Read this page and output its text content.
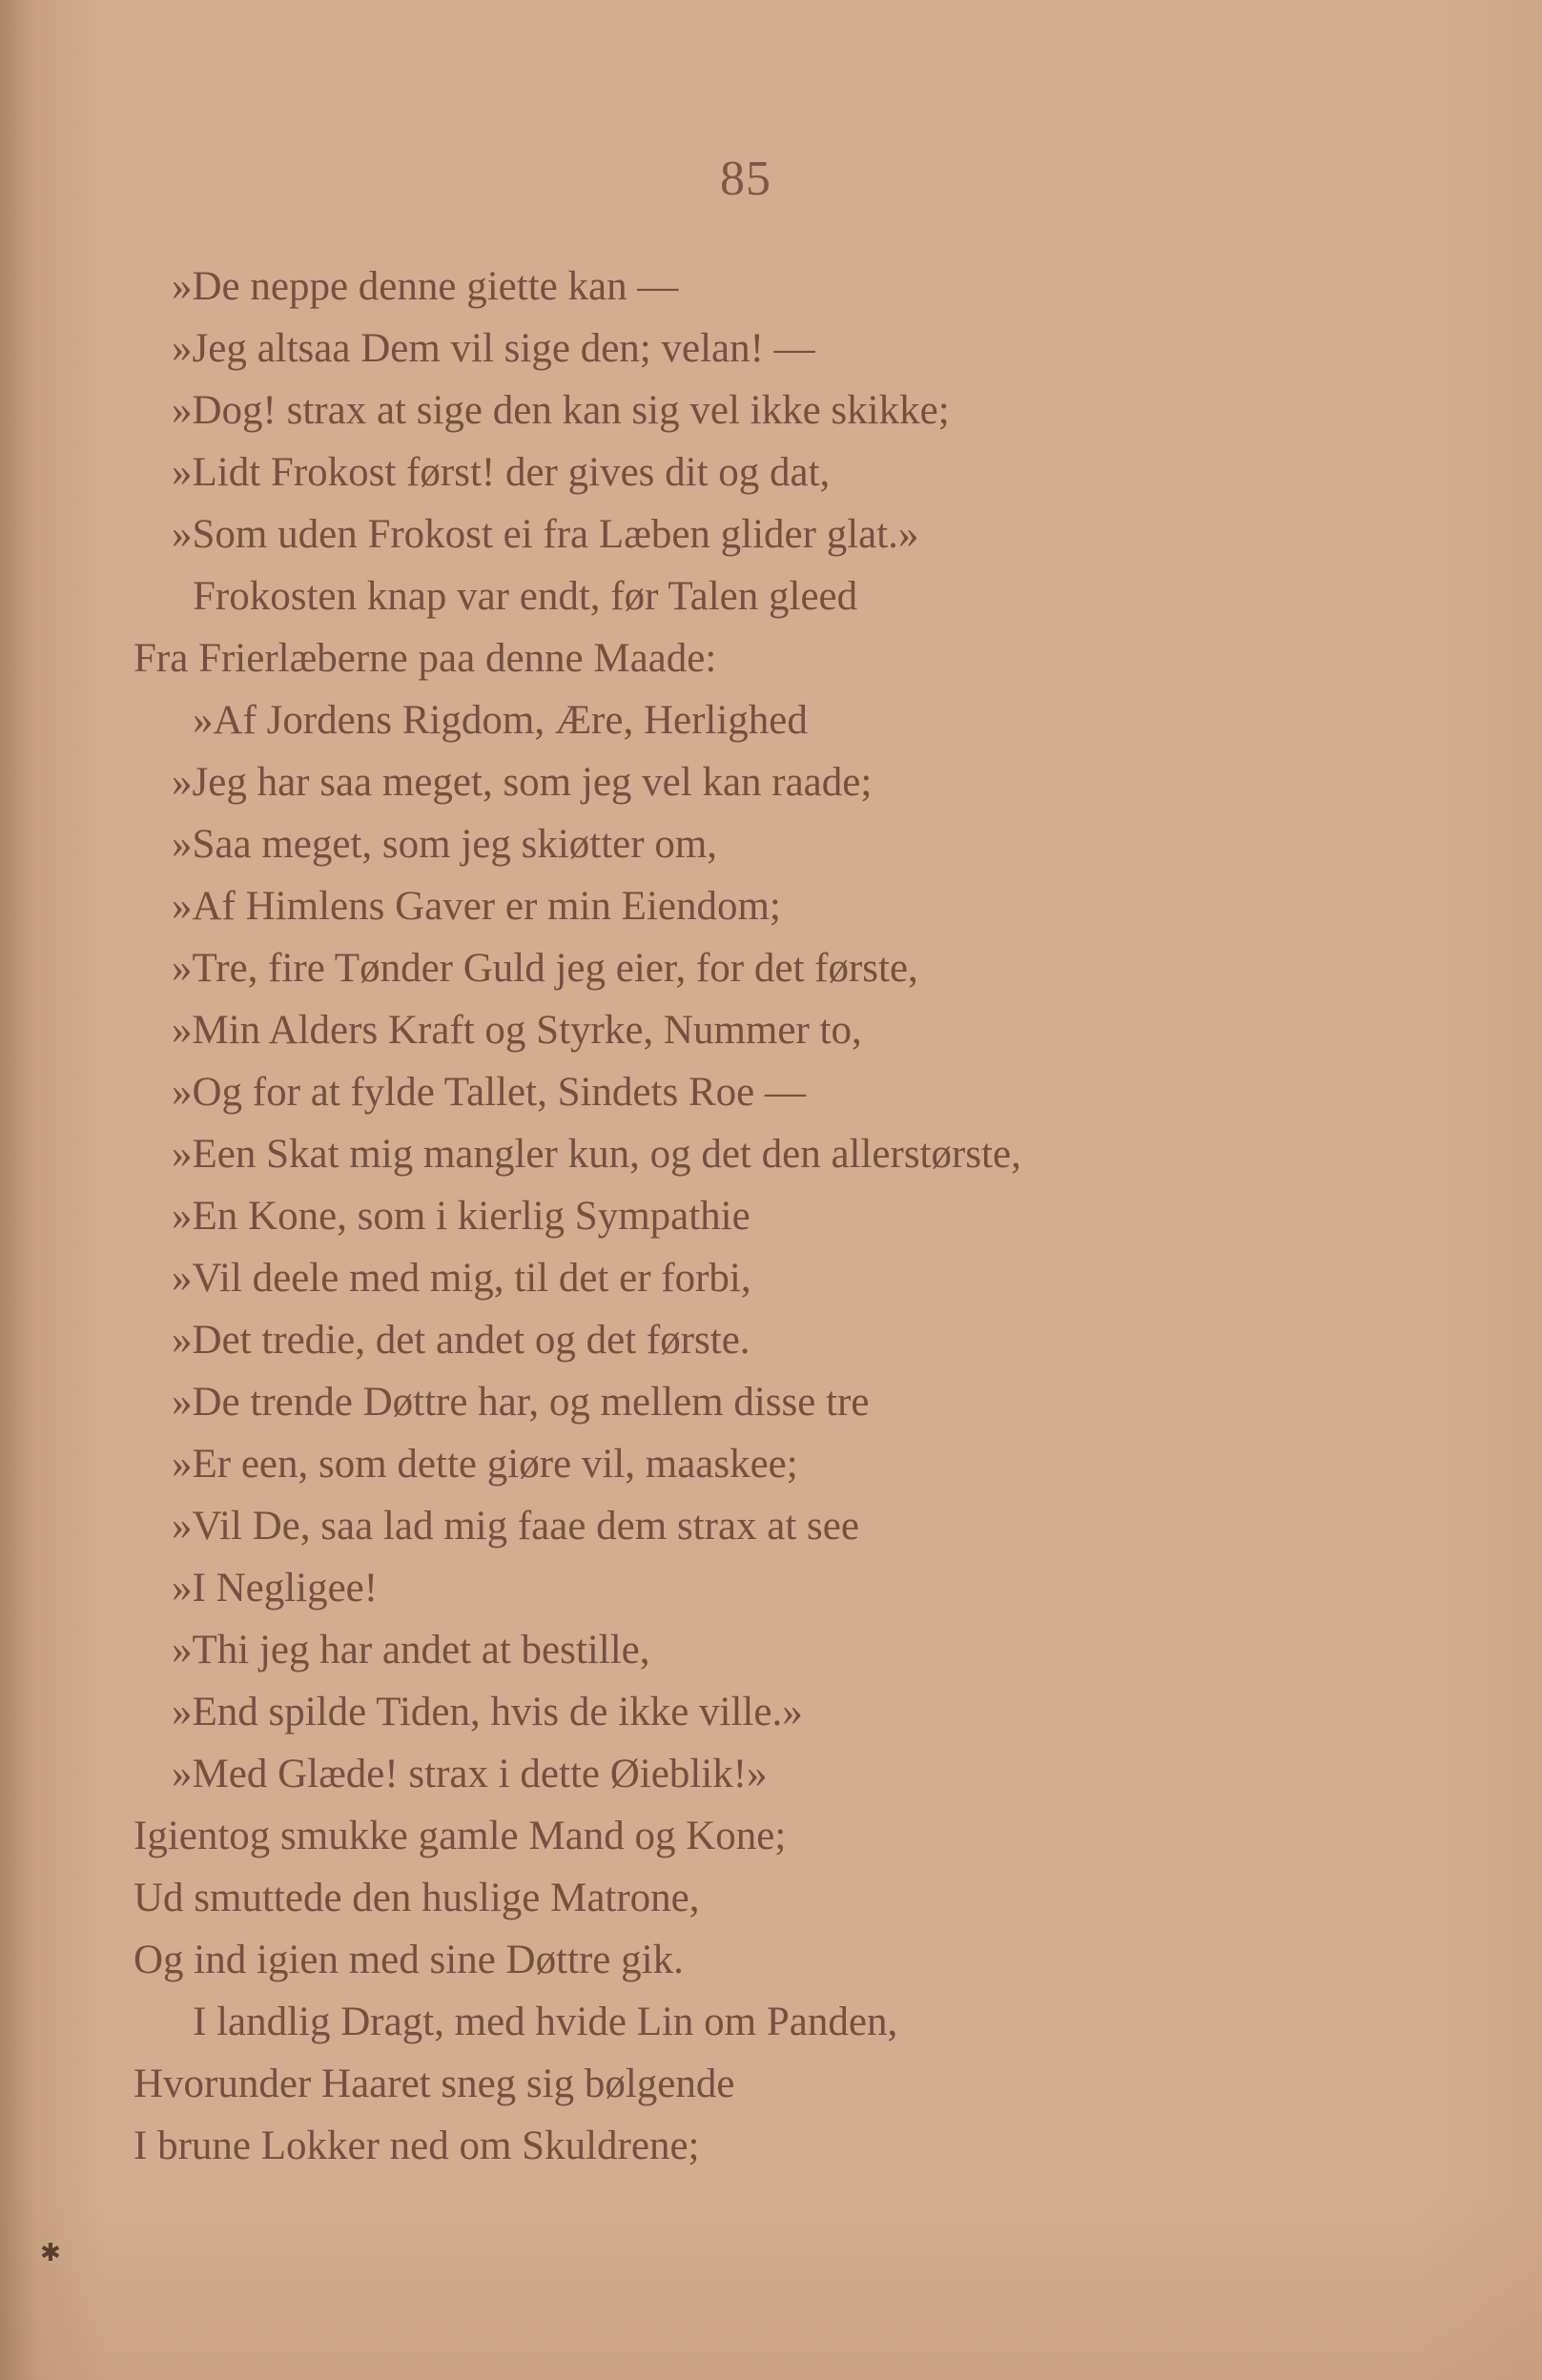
85
»De neppe denne giette kan —
»Jeg altsaa Dem vil sige den; velan! —
»Dog! strax at sige den kan sig vel ikke skikke;
»Lidt Frokost først! der gives dit og dat,
»Som uden Frokost ei fra Læben glider glat.»
Frokosten knap var endt, før Talen gleed
Fra Frierlæberne paa denne Maade:
»Af Jordens Rigdom, Ære, Herlighed
»Jeg har saa meget, som jeg vel kan raade;
»Saa meget, som jeg skiøtter om,
»Af Himlens Gaver er min Eiendom;
»Tre, fire Tønder Guld jeg eier, for det første,
»Min Alders Kraft og Styrke, Nummer to,
»Og for at fylde Tallet, Sindets Roe —
»Een Skat mig mangler kun, og det den allerstørste,
»En Kone, som i kierlig Sympathie
»Vil deele med mig, til det er forbi,
»Det tredie, det andet og det første.
»De trende Døttre har, og mellem disse tre
»Er een, som dette giøre vil, maaskee;
»Vil De, saa lad mig faae dem strax at see
»I Negligee!
»Thi jeg har andet at bestille,
»End spilde Tiden, hvis de ikke ville.»
»Med Glæde! strax i dette Øieblik!»
Igientog smukke gamle Mand og Kone;
Ud smuttede den huslige Matrone,
Og ind igien med sine Døttre gik.
I landlig Dragt, med hvide Lin om Panden,
Hvorunder Haaret sneg sig bølgende
I brune Lokker ned om Skuldrene;
✱
